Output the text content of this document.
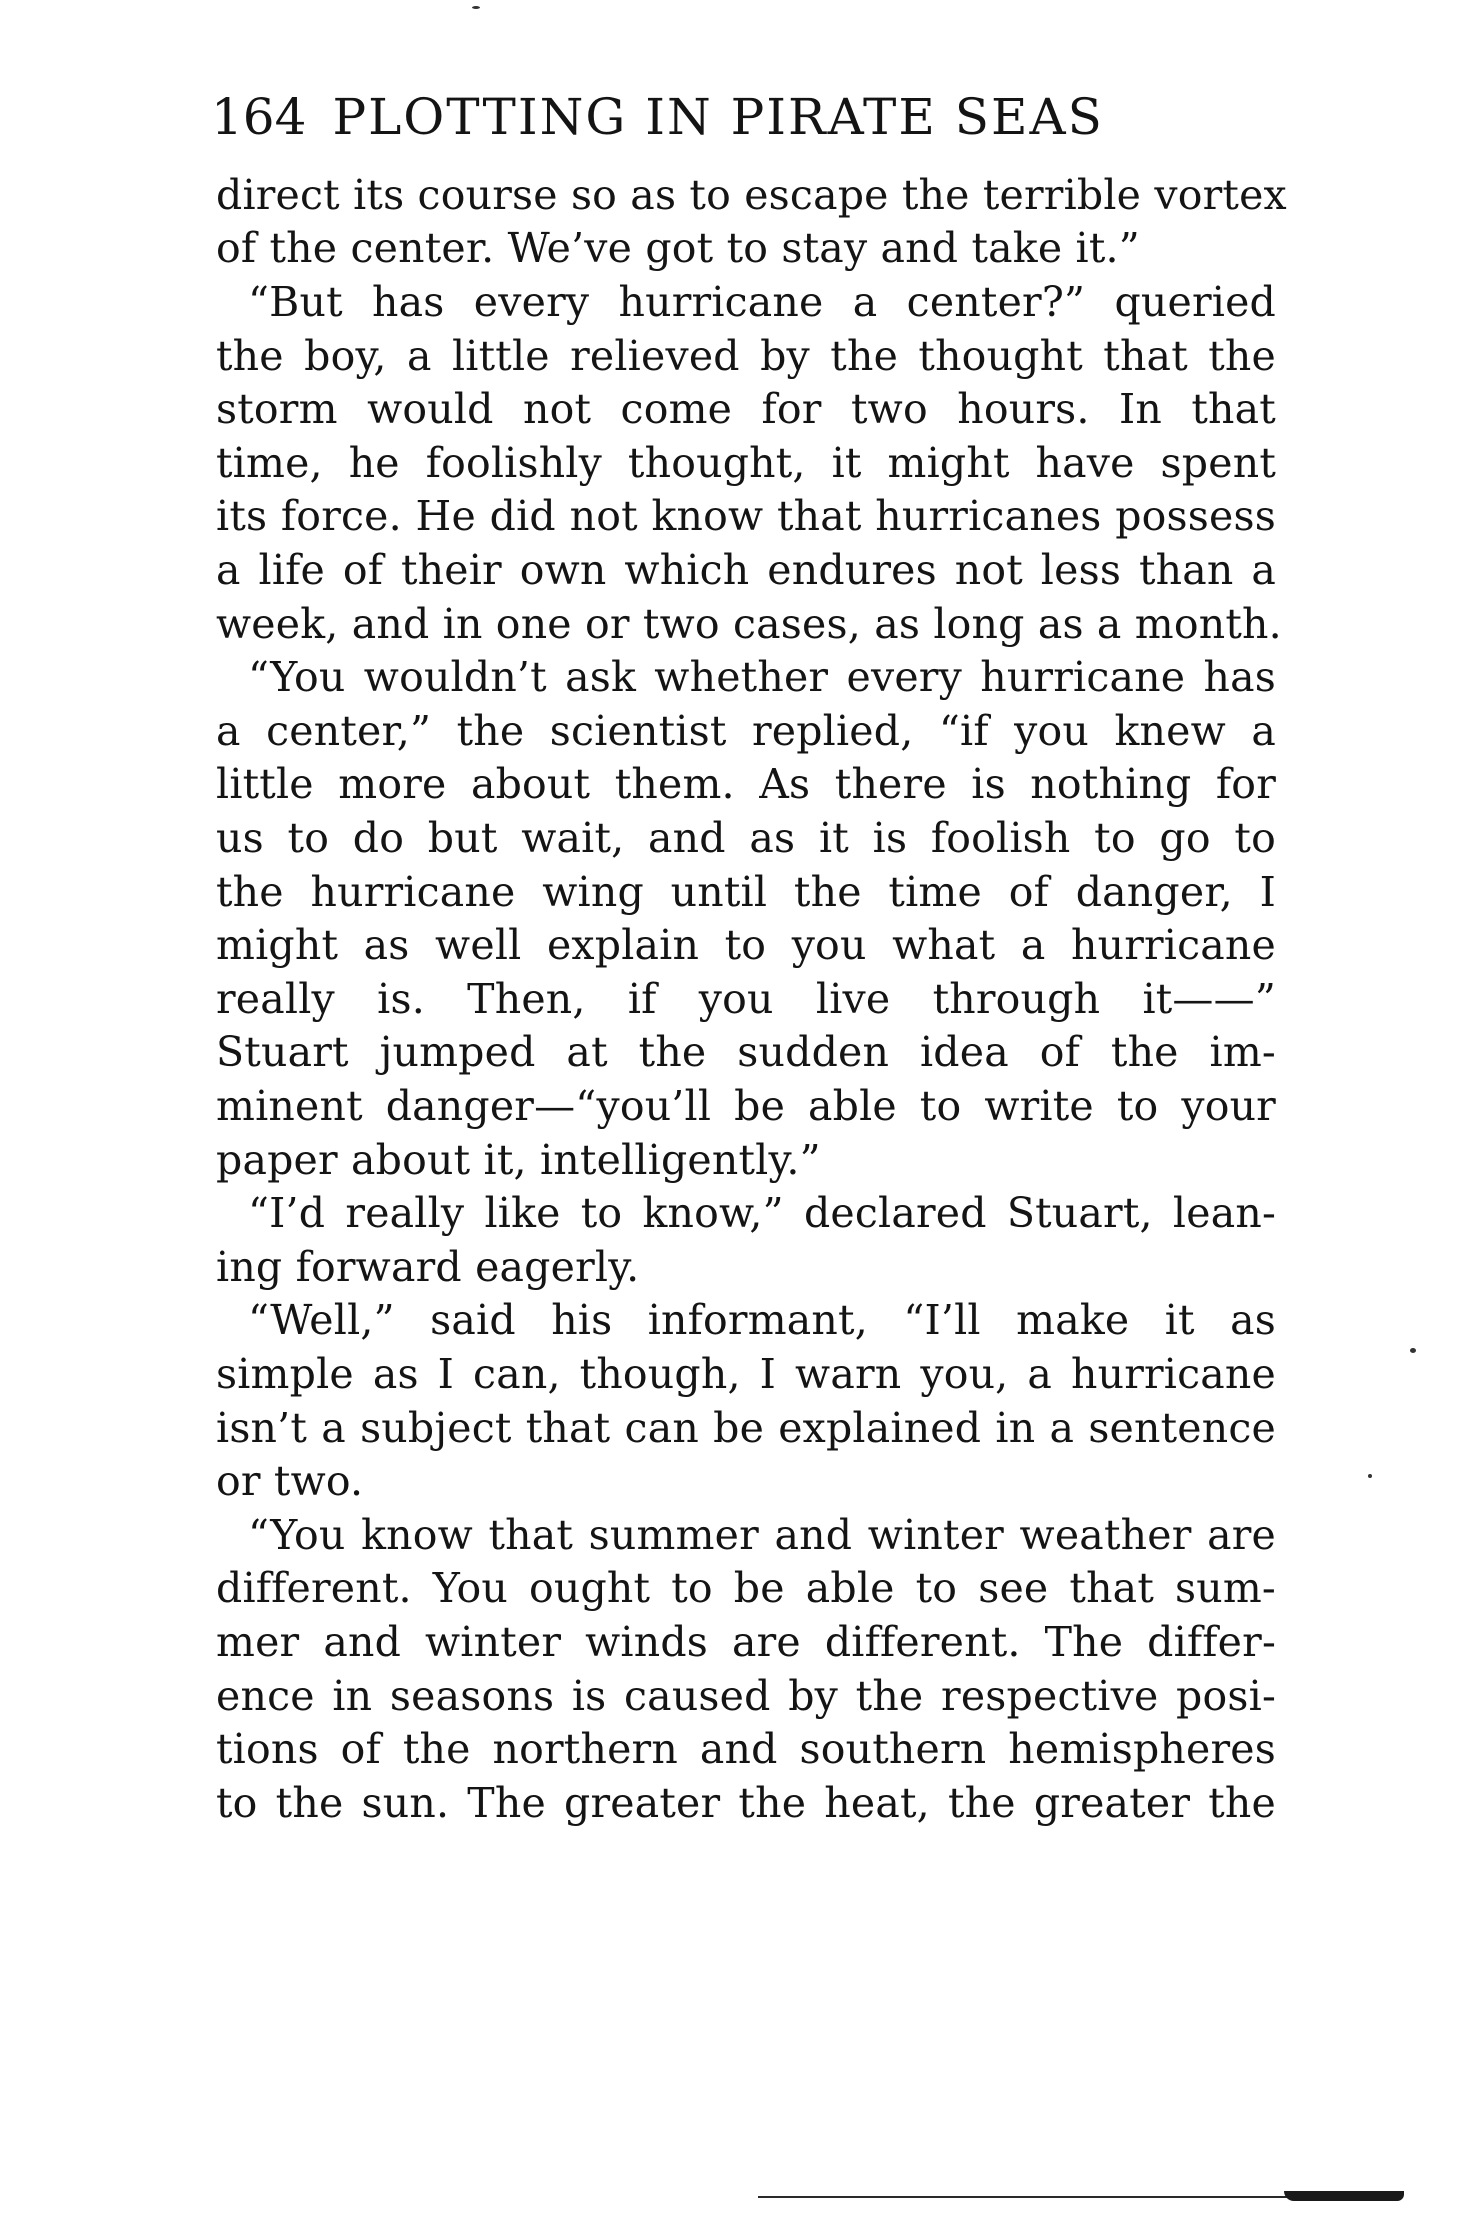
164 PLOTTING IN PIRATE SEAS
direct its course so as to escape the terrible vortex
of the center. We’ve got to stay and take it.”
“But has every hurricane a center?” queried
the boy, a little relieved by the thought that the
storm would not come for two hours. In that
time, he foolishly thought, it might have spent
its force. He did not know that hurricanes possess
a life of their own which endures not less than a
week, and in one or two cases, as long as a month.
“You wouldn’t ask whether every hurricane has
a center,” the scientist replied, “if you knew a
little more about them. As there is nothing for
us to do but wait, and as it is foolish to go to
the hurricane wing until the time of danger, I
might as well explain to you what a hurricane
really is. Then, if you live through it——”
Stuart jumped at the sudden idea of the im-
minent danger—“you’ll be able to write to your
paper about it, intelligently.”
“I’d really like to know,” declared Stuart, lean-
ing forward eagerly.
“Well,” said his informant, “I’ll make it as
simple as I can, though, I warn you, a hurricane
isn’t a subject that can be explained in a sentence
or two.
“You know that summer and winter weather are
different. You ought to be able to see that sum-
mer and winter winds are different. The differ-
ence in seasons is caused by the respective posi-
tions of the northern and southern hemispheres
to the sun. The greater the heat, the greater the
